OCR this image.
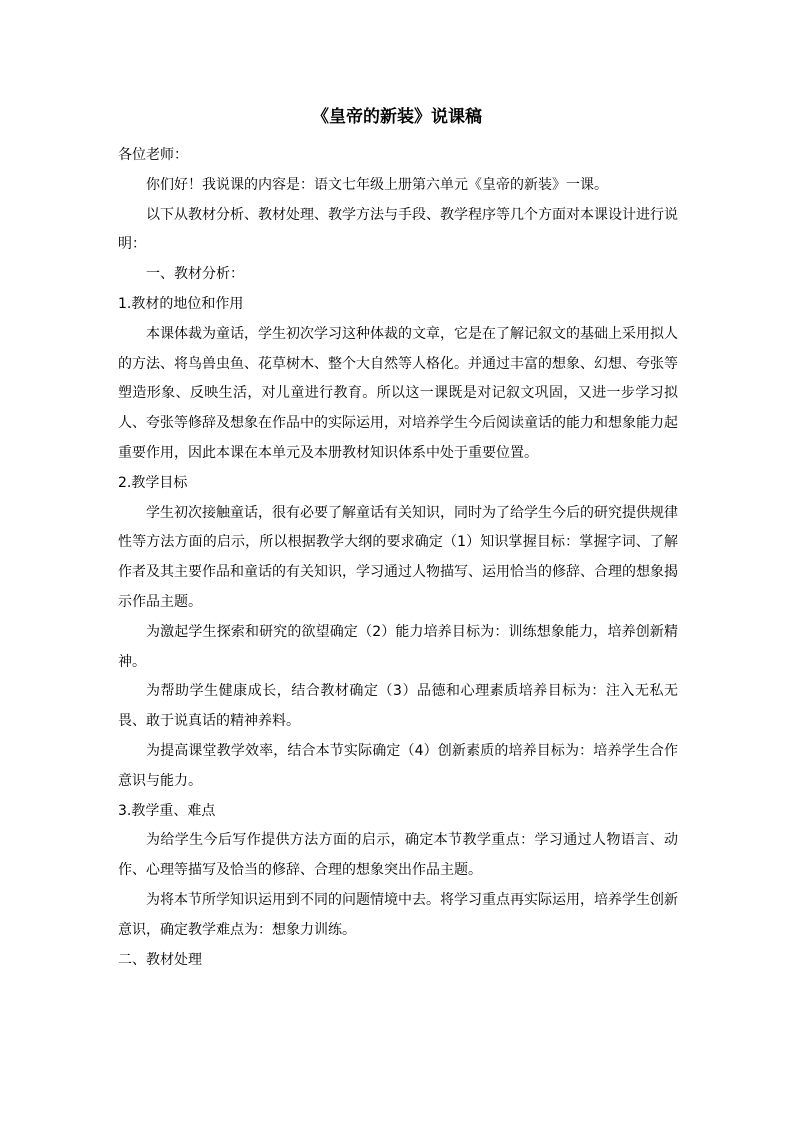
《皇帝的新装》说课稿

各位老师：

你们好！我说课的内容是：语文七年级上册第六单元《皇帝的新装》一课。

以下从教材分析、教材处理、教学方法与手段、教学程序等几个方面对本课设计进行说明：

一、教材分析：

1.教材的地位和作用

本课体裁为童话，学生初次学习这种体裁的文章，它是在了解记叙文的基础上采用拟人的方法、将鸟兽虫鱼、花草树木、整个大自然等人格化。并通过丰富的想象、幻想、夸张等塑造形象、反映生活，对儿童进行教育。所以这一课既是对记叙文巩固，又进一步学习拟人、夸张等修辞及想象在作品中的实际运用，对培养学生今后阅读童话的能力和想象能力起重要作用，因此本课在本单元及本册教材知识体系中处于重要位置。

2.教学目标

学生初次接触童话，很有必要了解童话有关知识，同时为了给学生今后的研究提供规律性等方法方面的启示，所以根据教学大纲的要求确定（1）知识掌握目标：掌握字词、了解作者及其主要作品和童话的有关知识，学习通过人物描写、运用恰当的修辞、合理的想象揭示作品主题。

为激起学生探索和研究的欲望确定（2）能力培养目标为：训练想象能力，培养创新精神。

为帮助学生健康成长，结合教材确定（3）品德和心理素质培养目标为：注入无私无畏、敢于说真话的精神养料。

为提高课堂教学效率，结合本节实际确定（4）创新素质的培养目标为：培养学生合作意识与能力。

3.教学重、难点

为给学生今后写作提供方法方面的启示，确定本节教学重点：学习通过人物语言、动作、心理等描写及恰当的修辞、合理的想象突出作品主题。

为将本节所学知识运用到不同的问题情境中去。将学习重点再实际运用，培养学生创新意识，确定教学难点为：想象力训练。

二、教材处理
